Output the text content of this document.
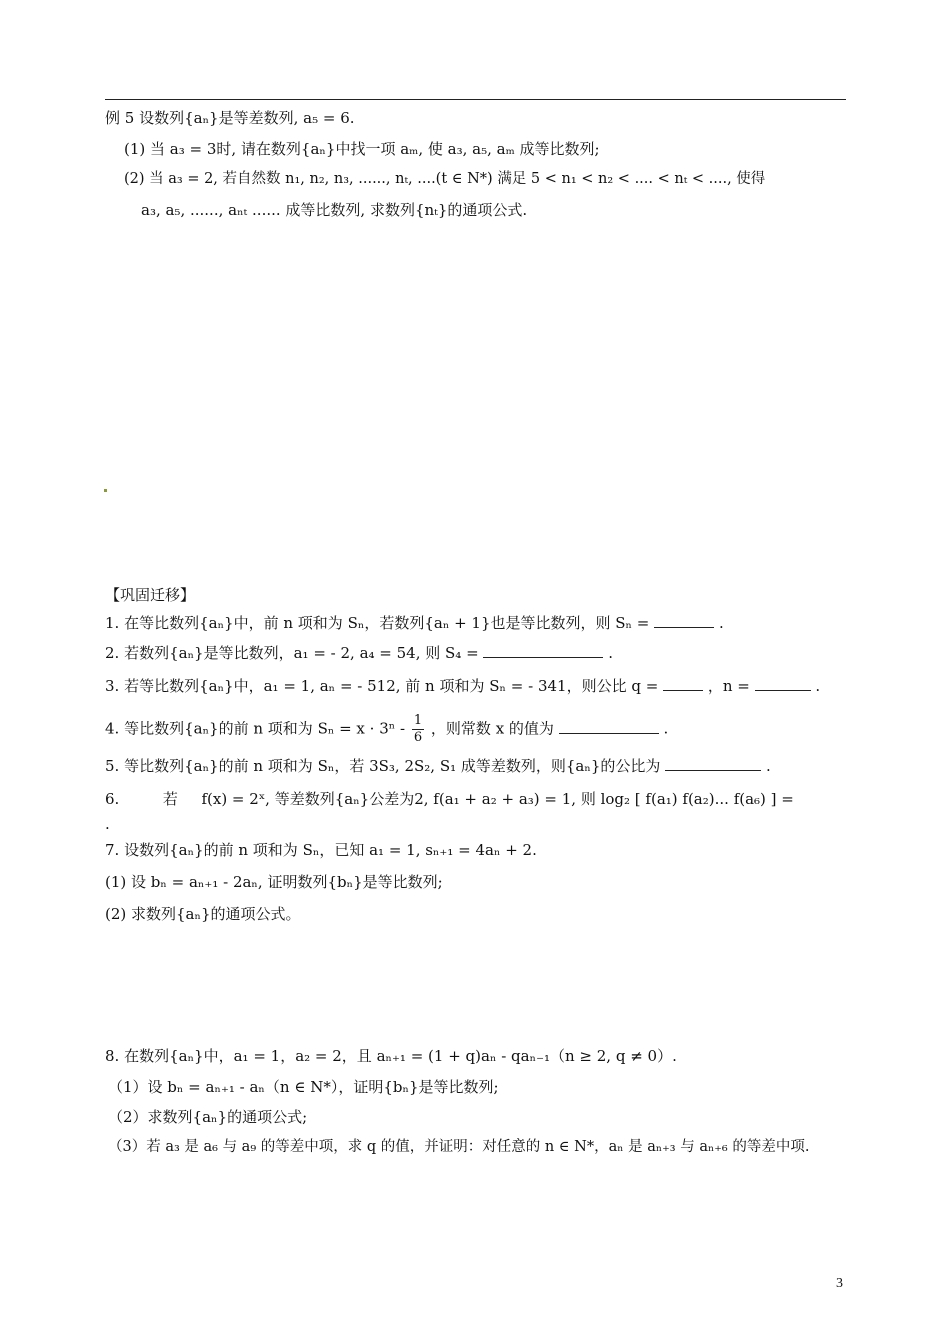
例 5 设数列{aₙ}是等差数列, a₅ = 6.
(1) 当 a₃ = 3时, 请在数列{aₙ}中找一项 aₘ, 使 a₃, a₅, aₘ 成等比数列;
(2) 当 a₃ = 2, 若自然数 n₁, n₂, n₃, ......, nₜ, ....(t ∈ N*) 满足 5 < n₁ < n₂ < .... < nₜ < ...., 使得
a₃, a₅, ......, aₙₜ ...... 成等比数列, 求数列{nₜ}的通项公式.
【巩固迁移】
1. 在等比数列{aₙ}中，前 n 项和为 Sₙ，若数列{aₙ + 1}也是等比数列，则 Sₙ =	.
2. 若数列{aₙ}是等比数列，a₁ = - 2, a₄ = 54, 则 S₄ =	.
3. 若等比数列{aₙ}中，a₁ = 1, aₙ = - 512, 前 n 项和为 Sₙ = - 341，则公比 q =	，n =	.
4. 等比数列{aₙ}的前 n 项和为 $S_n = x \cdot 3^n - \frac{1}{6}$ ，则常数 x 的值为	.
5. 等比数列{aₙ}的前 n 项和为 Sₙ，若 3S₃, 2S₂, S₁ 成等差数列，则{aₙ}的公比为	.
6.	若 f(x) = 2ˣ, 等差数列{aₙ}公差为2, f(a₁ + a₂ + a₃) = 1, 则 log₂ [ f(a₁) f(a₂)... f(a₆) ] =
.
7. 设数列{aₙ}的前 n 项和为 Sₙ，已知 a₁ = 1, sₙ₊₁ = 4aₙ + 2.
(1) 设 bₙ = aₙ₊₁ - 2aₙ, 证明数列{bₙ}是等比数列;
(2) 求数列{aₙ}的通项公式。
8. 在数列{aₙ}中，a₁ = 1，a₂ = 2，且 aₙ₊₁ = (1 + q)aₙ - qaₙ₋₁（n ≥ 2, q ≠ 0）.
（1）设 bₙ = aₙ₊₁ - aₙ（n ∈ N*），证明{bₙ}是等比数列;
（2）求数列{aₙ}的通项公式;
（3）若 a₃ 是 a₆ 与 a₉ 的等差中项，求 q 的值，并证明：对任意的 n ∈ N*，aₙ 是 aₙ₊₃ 与 aₙ₊₆ 的等差中项.
3
